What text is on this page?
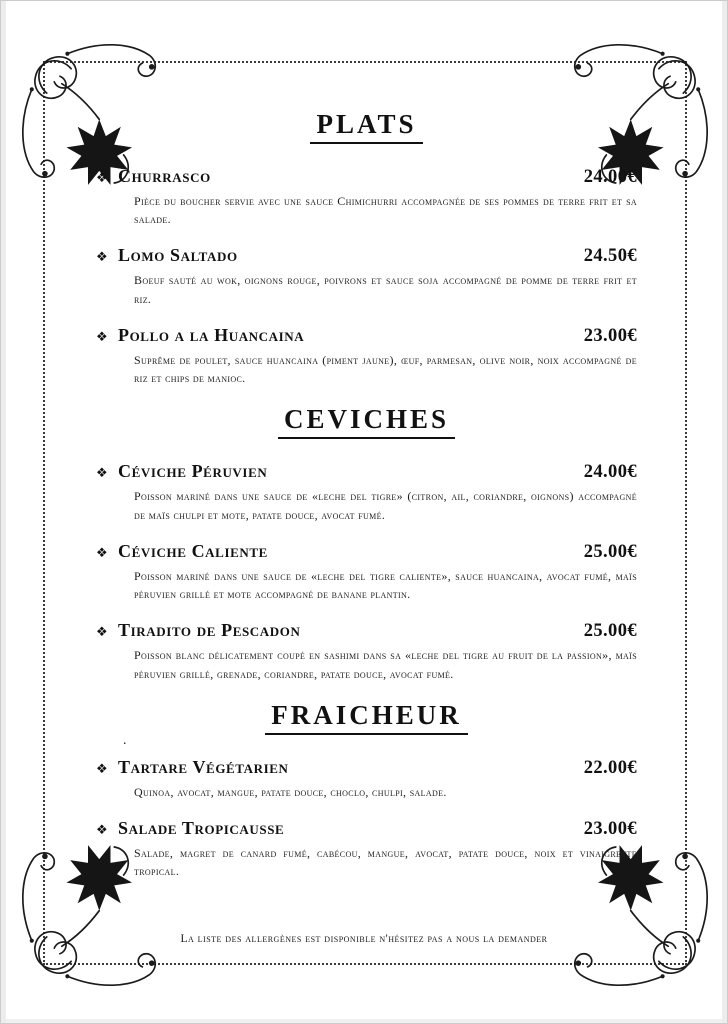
PLATS
❖ Churrasco	24.00€

Pièce du boucher servie avec une sauce Chimichurri accompagnée de ses pommes de terre frit et sa salade.

❖ Lomo Saltado	24.50€

Boeuf sauté au wok, oignons rouge, poivrons et sauce soja accompagné de pomme de terre frit et riz.

❖ Pollo a la Huancaina	23.00€

Suprême de poulet, sauce huancaina (piment jaune), œuf, parmesan, olive noir, noix accompagné de riz et chips de manioc.

CEVICHES
❖ Céviche Péruvien	24.00€

Poisson mariné dans une sauce de «leche del tigre» (citron, ail, coriandre, oignons) accompagné de maïs chulpi et mote, patate douce, avocat fumé.

❖ Céviche Caliente	25.00€

Poisson mariné dans une sauce de «leche del tigre caliente», sauce huancaina, avocat fumé, maïs péruvien grillé et mote accompagné de banane plantin.

❖ Tiradito de Pescadon	25.00€

Poisson blanc délicatement coupé en sashimi dans sa «leche del tigre au fruit de la passion», maïs péruvien grillé, grenade, coriandre, patate douce, avocat fumé.

FRAICHEUR
❖ Tartare Végétarien	22.00€

Quinoa, avocat, mangue, patate douce, choclo, chulpi, salade.

❖ Salade Tropicausse	23.00€

Salade, magret de canard fumé, cabécou, mangue, avocat, patate douce, noix et vinaigrette tropical.

.
La liste des allergènes est disponible n'hésitez pas a nous la demander
